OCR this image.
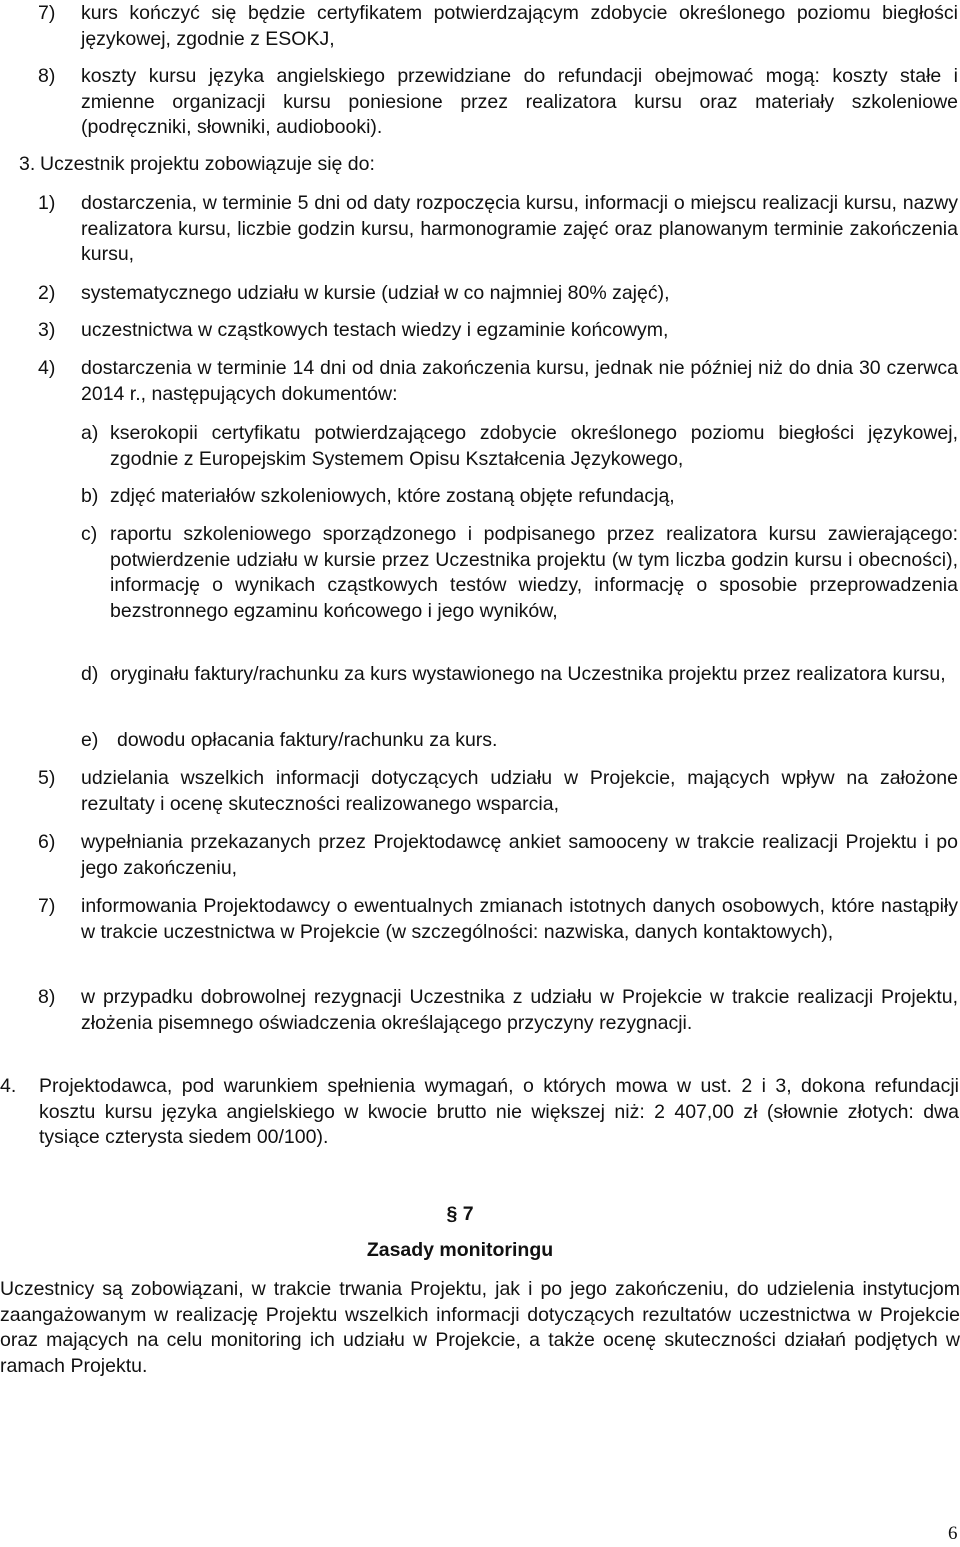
7) kurs kończyć się będzie certyfikatem potwierdzającym zdobycie określonego poziomu biegłości językowej, zgodnie z ESOKJ,
8) koszty kursu języka angielskiego przewidziane do refundacji obejmować mogą: koszty stałe i zmienne organizacji kursu poniesione przez realizatora kursu oraz materiały szkoleniowe (podręczniki, słowniki, audiobooki).
3. Uczestnik projektu zobowiązuje się do:
1) dostarczenia, w terminie 5 dni od daty rozpoczęcia kursu, informacji o miejscu realizacji kursu, nazwy realizatora kursu, liczbie godzin kursu, harmonogramie zajęć oraz planowanym terminie zakończenia kursu,
2) systematycznego udziału w kursie (udział w co najmniej 80% zajęć),
3) uczestnictwa w cząstkowych testach wiedzy i egzaminie końcowym,
4) dostarczenia w terminie 14 dni od dnia zakończenia kursu, jednak nie później niż do dnia 30 czerwca 2014 r., następujących dokumentów:
a) kserokopii certyfikatu potwierdzającego zdobycie określonego poziomu biegłości językowej, zgodnie z Europejskim Systemem Opisu Kształcenia Językowego,
b) zdjęć materiałów szkoleniowych, które zostaną objęte refundacją,
c) raportu szkoleniowego sporządzonego i podpisanego przez realizatora kursu zawierającego: potwierdzenie udziału w kursie przez Uczestnika projektu (w tym liczba godzin kursu i obecności), informację o wynikach cząstkowych testów wiedzy, informację o sposobie przeprowadzenia bezstronnego egzaminu końcowego i jego wyników,
d) oryginału faktury/rachunku za kurs wystawionego na Uczestnika projektu przez realizatora kursu,
e) dowodu opłacania faktury/rachunku za kurs.
5) udzielania wszelkich informacji dotyczących udziału w Projekcie, mających wpływ na założone rezultaty i ocenę skuteczności realizowanego wsparcia,
6) wypełniania przekazanych przez Projektodawcę ankiet samooceny w trakcie realizacji Projektu i po jego zakończeniu,
7) informowania Projektodawcy o ewentualnych zmianach istotnych danych osobowych, które nastąpiły w trakcie uczestnictwa w Projekcie (w szczególności: nazwiska, danych kontaktowych),
8) w przypadku dobrowolnej rezygnacji Uczestnika z udziału w Projekcie w trakcie realizacji Projektu, złożenia pisemnego oświadczenia określającego przyczyny rezygnacji.
4. Projektodawca, pod warunkiem spełnienia wymagań, o których mowa w ust. 2 i 3, dokona refundacji kosztu kursu języka angielskiego w kwocie brutto nie większej niż: 2 407,00 zł (słownie złotych: dwa tysiące czterysta siedem 00/100).
§ 7
Zasady monitoringu
Uczestnicy są zobowiązani, w trakcie trwania Projektu, jak i po jego zakończeniu, do udzielenia instytucjom zaangażowanym w realizację Projektu wszelkich informacji dotyczących rezultatów uczestnictwa w Projekcie oraz mających na celu monitoring ich udziału w Projekcie, a także ocenę skuteczności działań podjętych w ramach Projektu.
6
